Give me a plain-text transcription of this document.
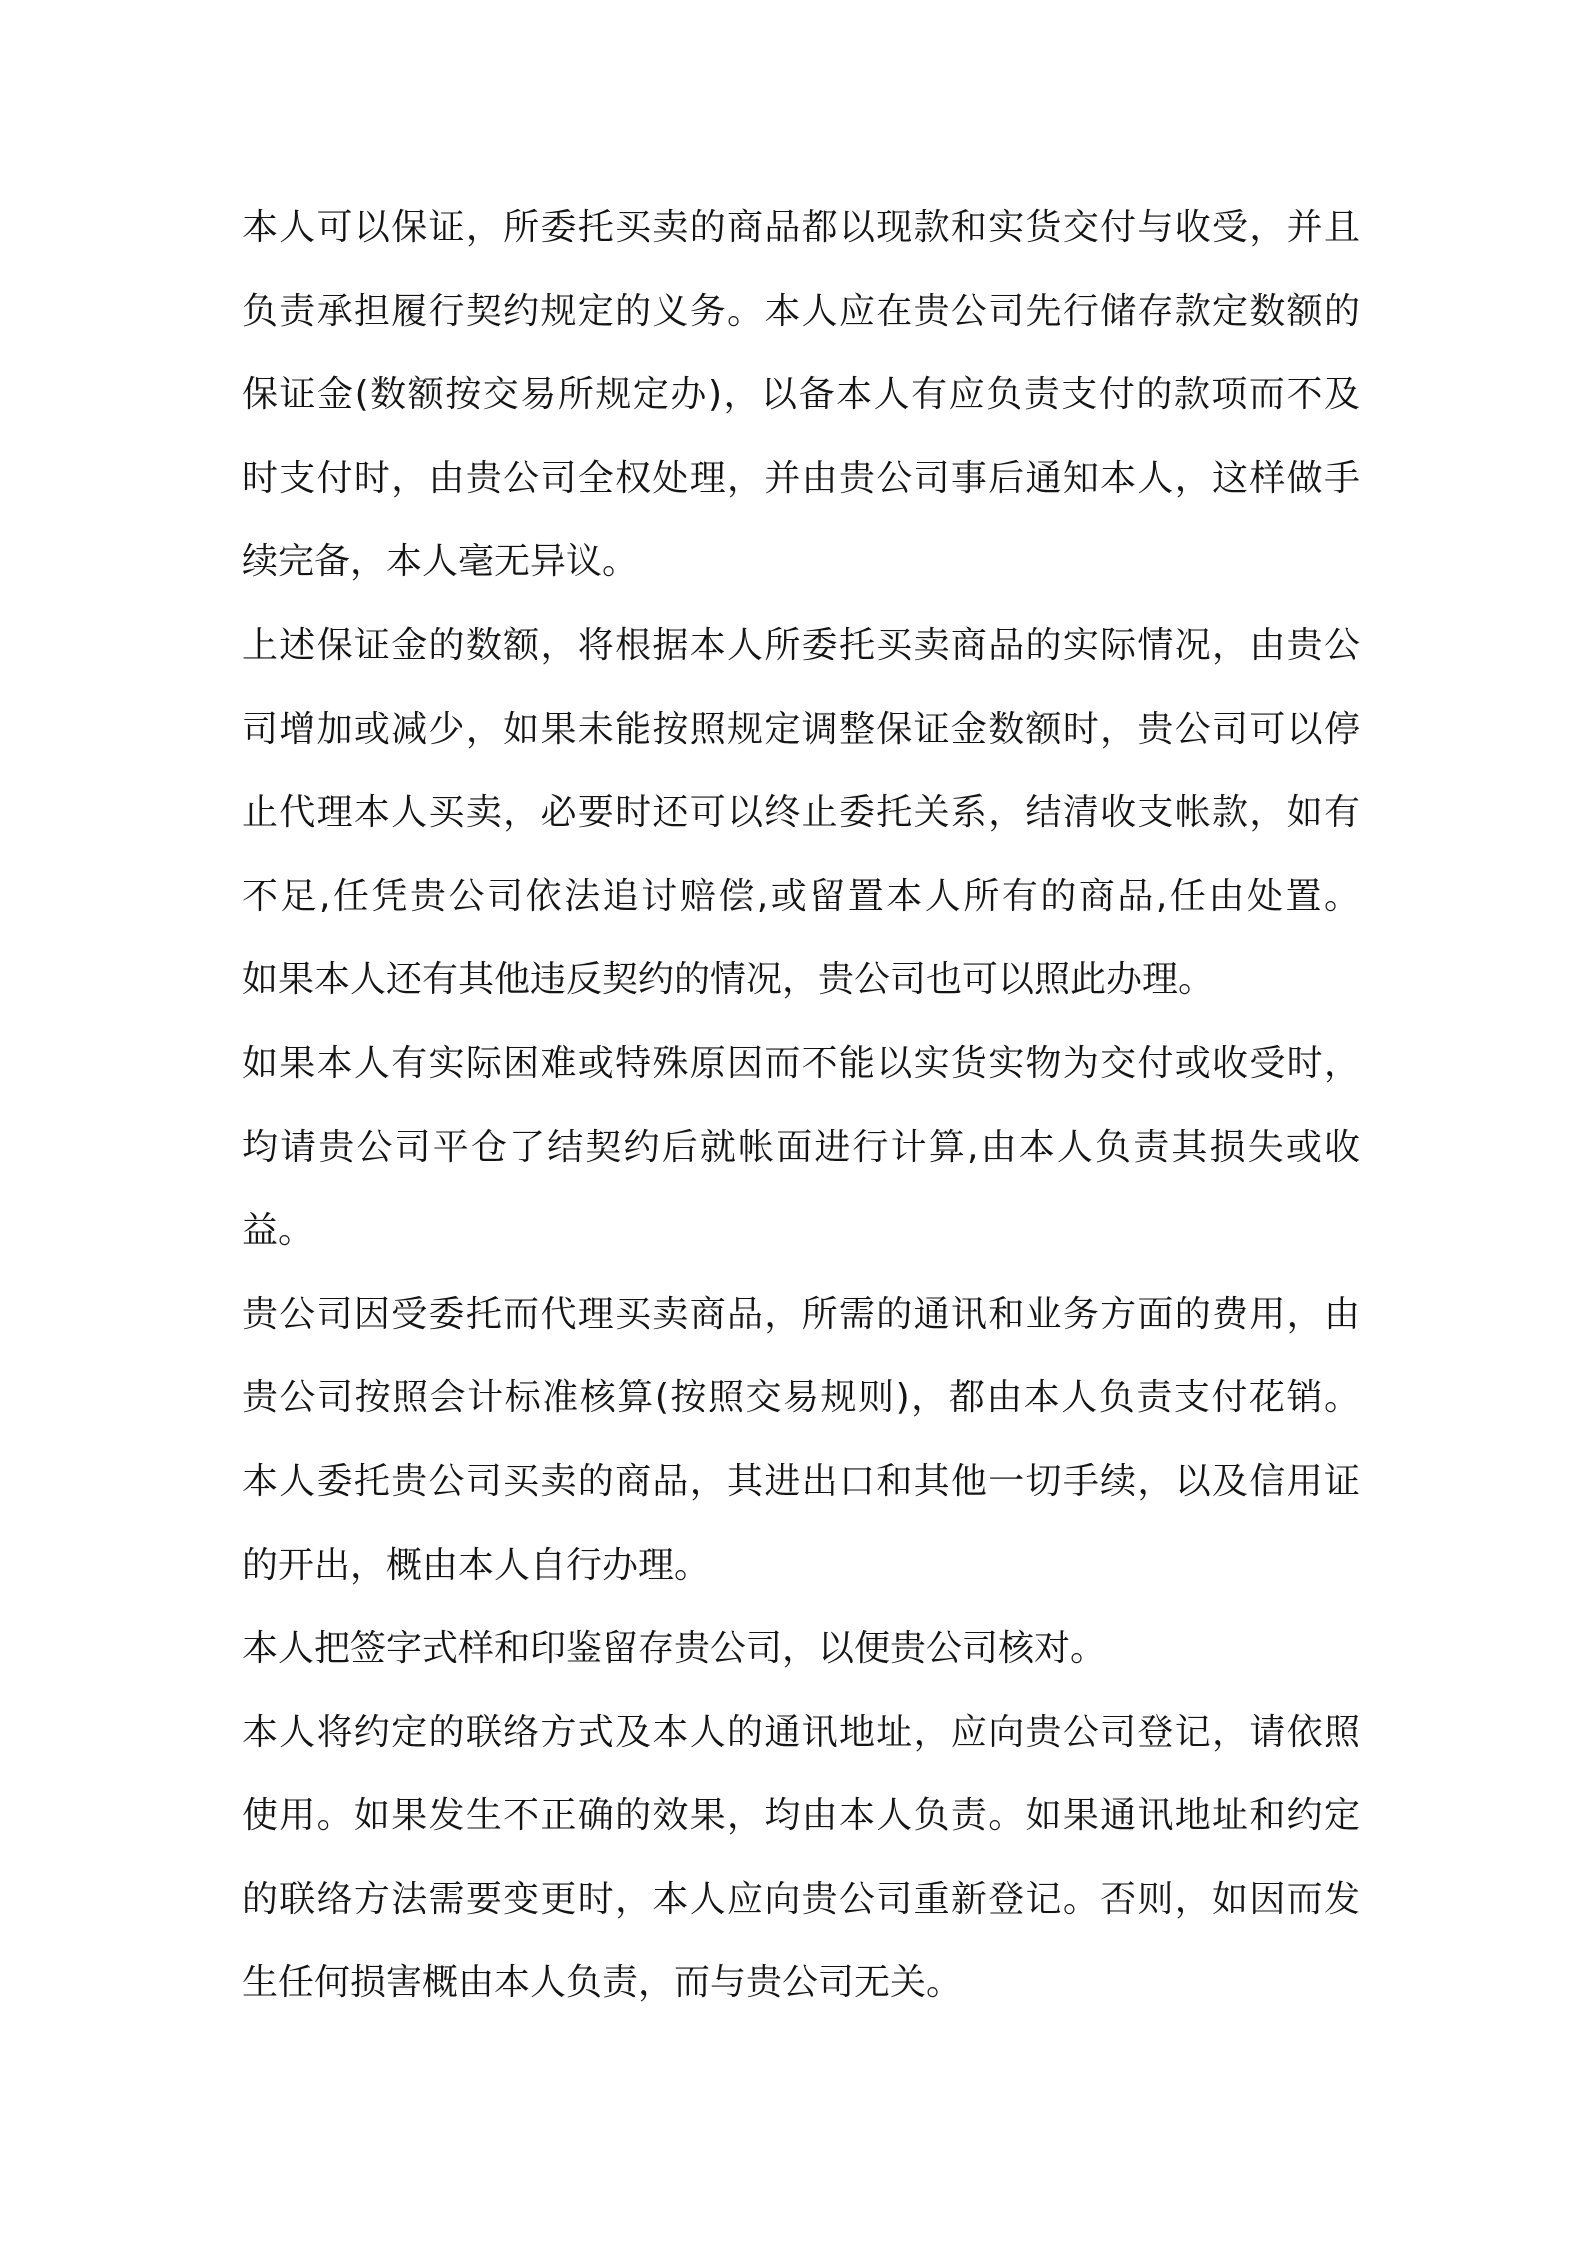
本人可以保证，所委托买卖的商品都以现款和实货交付与收受，并且
负责承担履行契约规定的义务。本人应在贵公司先行储存款定数额的
保证金(数额按交易所规定办)，以备本人有应负责支付的款项而不及
时支付时，由贵公司全权处理，并由贵公司事后通知本人，这样做手
续完备，本人毫无异议。
上述保证金的数额，将根据本人所委托买卖商品的实际情况，由贵公
司增加或减少，如果未能按照规定调整保证金数额时，贵公司可以停
止代理本人买卖，必要时还可以终止委托关系，结清收支帐款，如有
不足,任凭贵公司依法追讨赔偿,或留置本人所有的商品,任由处置。
如果本人还有其他违反契约的情况，贵公司也可以照此办理。
如果本人有实际困难或特殊原因而不能以实货实物为交付或收受时，
均请贵公司平仓了结契约后就帐面进行计算,由本人负责其损失或收
益。
贵公司因受委托而代理买卖商品，所需的通讯和业务方面的费用，由
贵公司按照会计标准核算(按照交易规则)，都由本人负责支付花销。
本人委托贵公司买卖的商品，其进出口和其他一切手续，以及信用证
的开出，概由本人自行办理。
本人把签字式样和印鉴留存贵公司，以便贵公司核对。
本人将约定的联络方式及本人的通讯地址，应向贵公司登记，请依照
使用。如果发生不正确的效果，均由本人负责。如果通讯地址和约定
的联络方法需要变更时，本人应向贵公司重新登记。否则，如因而发
生任何损害概由本人负责，而与贵公司无关。
